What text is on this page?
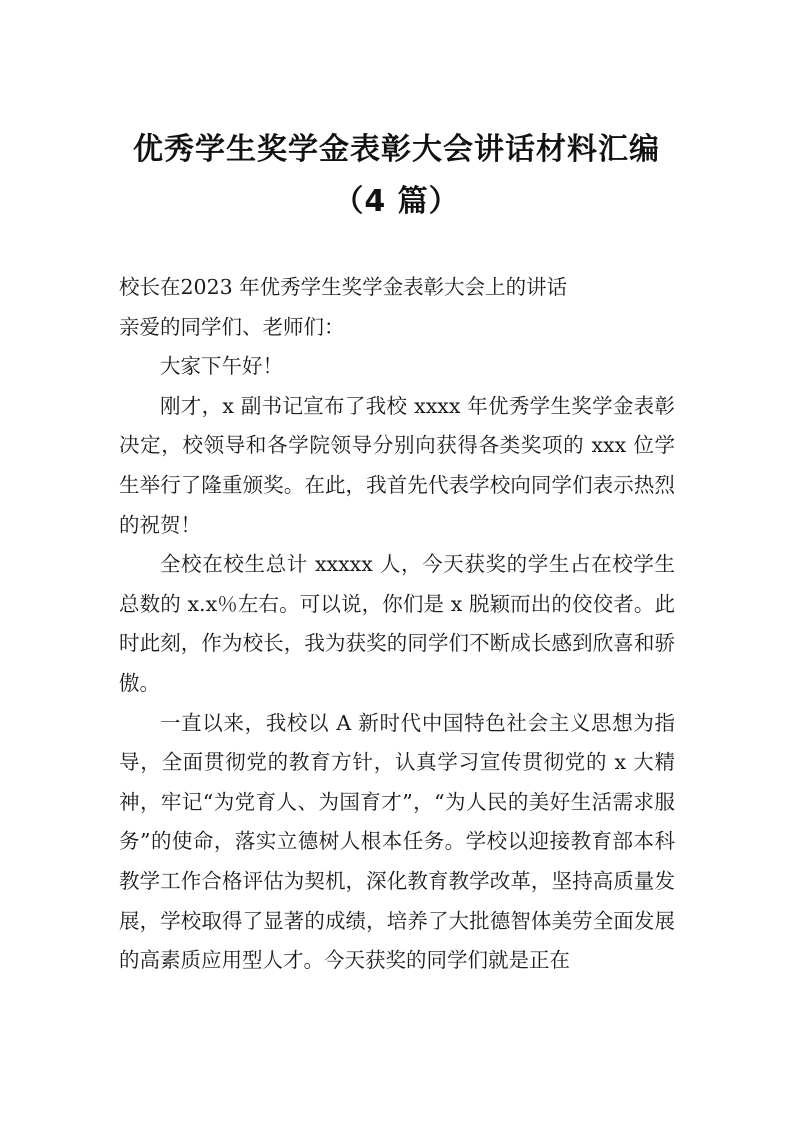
优秀学生奖学金表彰大会讲话材料汇编
（4 篇）

校长在2023 年优秀学生奖学金表彰大会上的讲话

亲爱的同学们、老师们：

大家下午好！

刚才，x 副书记宣布了我校 xxxx 年优秀学生奖学金表彰决定，校领导和各学院领导分别向获得各类奖项的 xxx 位学生举行了隆重颁奖。在此，我首先代表学校向同学们表示热烈的祝贺！

全校在校生总计 xxxxx 人，今天获奖的学生占在校学生总数的 x.x％左右。可以说，你们是 x 脱颖而出的佼佼者。此时此刻，作为校长，我为获奖的同学们不断成长感到欣喜和骄傲。

一直以来，我校以 A 新时代中国特色社会主义思想为指导，全面贯彻党的教育方针，认真学习宣传贯彻党的 x 大精神，牢记“为党育人、为国育才”，“为人民的美好生活需求服务”的使命，落实立德树人根本任务。学校以迎接教育部本科教学工作合格评估为契机，深化教育教学改革，坚持高质量发展，学校取得了显著的成绩，培养了大批德智体美劳全面发展的高素质应用型人才。今天获奖的同学们就是正在
